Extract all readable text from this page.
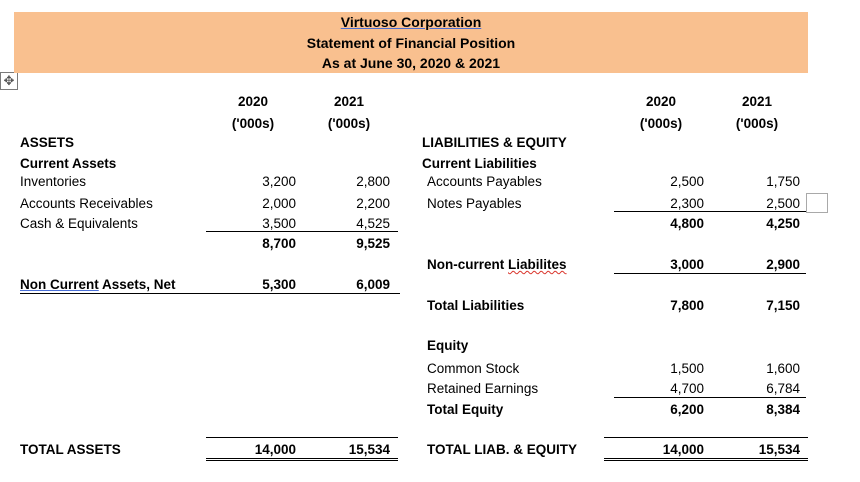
✥
Virtuoso Corporation
Statement of Financial Position
As at June 30, 2020 & 2021
2020	2021
('000s)	('000s)
2020	2021
('000s)	('000s)
ASSETS
Current Assets
Inventories	3,200	2,800
Accounts Receivables	2,000	2,200
Cash & Equivalents	3,500	4,525
8,700	9,525
Non Current Assets, Net	5,300	6,009
TOTAL ASSETS	14,000	15,534
LIABILITIES & EQUITY
Current Liabilities
Accounts Payables	2,500	1,750
Notes Payables	2,300	2,500
4,800	4,250
Non-current Liabilites	3,000	2,900
Total Liabilities	7,800	7,150
Equity
Common Stock	1,500	1,600
Retained Earnings	4,700	6,784
Total Equity	6,200	8,384
TOTAL LIAB. & EQUITY	14,000	15,534
